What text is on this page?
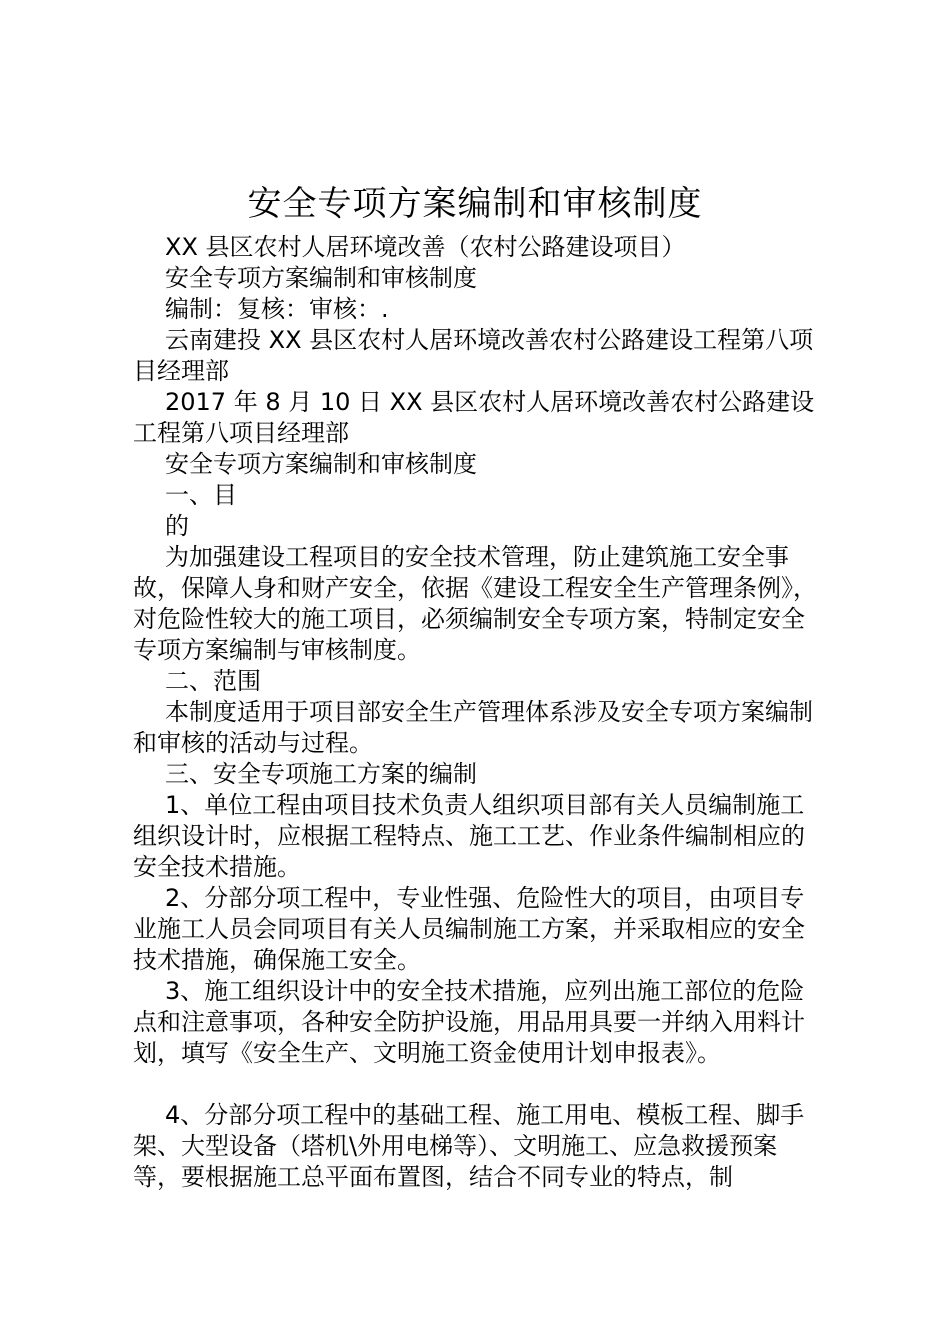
安全专项方案编制和审核制度

XX 县区农村人居环境改善（农村公路建设项目）

安全专项方案编制和审核制度

编制：复核：审核：.

云南建投 XX 县区农村人居环境改善农村公路建设工程第八项目经理部

2017 年 8 月 10 日 XX 县区农村人居环境改善农村公路建设工程第八项目经理部

安全专项方案编制和审核制度

一、目

的

为加强建设工程项目的安全技术管理，防止建筑施工安全事故，保障人身和财产安全，依据《建设工程安全生产管理条例》，对危险性较大的施工项目，必须编制安全专项方案，特制定安全专项方案编制与审核制度。

二、范围

本制度适用于项目部安全生产管理体系涉及安全专项方案编制和审核的活动与过程。

三、安全专项施工方案的编制

1、单位工程由项目技术负责人组织项目部有关人员编制施工组织设计时，应根据工程特点、施工工艺、作业条件编制相应的安全技术措施。

2、分部分项工程中，专业性强、危险性大的项目，由项目专业施工人员会同项目有关人员编制施工方案，并采取相应的安全技术措施，确保施工安全。

3、施工组织设计中的安全技术措施，应列出施工部位的危险点和注意事项，各种安全防护设施，用品用具要一并纳入用料计划，填写《安全生产、文明施工资金使用计划申报表》。

4、分部分项工程中的基础工程、施工用电、模板工程、脚手架、大型设备（塔机\外用电梯等）、文明施工、应急救援预案等，要根据施工总平面布置图，结合不同专业的特点，制
